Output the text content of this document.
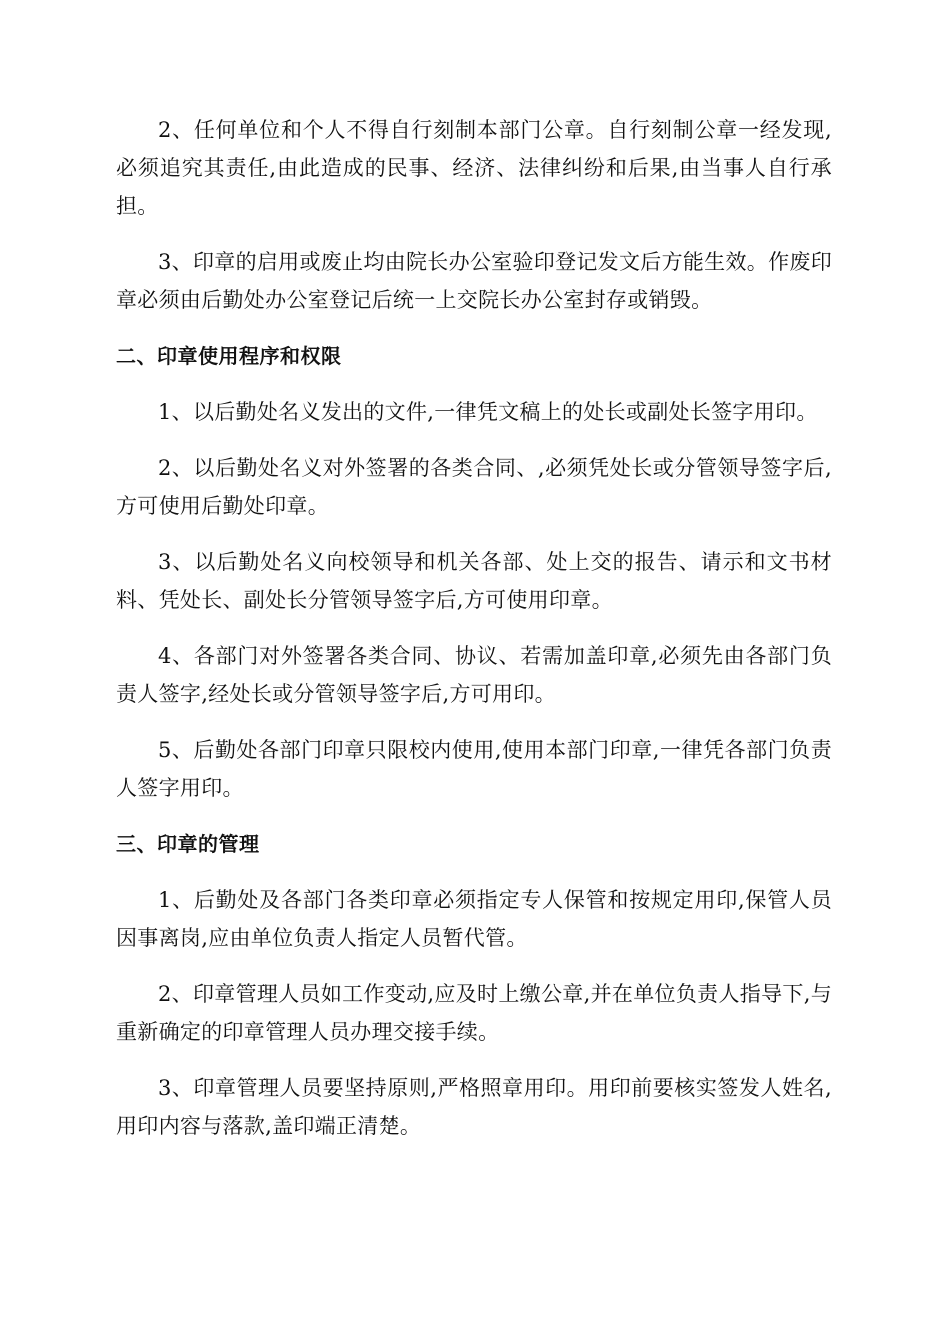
2、任何单位和个人不得自行刻制本部门公章。自行刻制公章一经发现,必须追究其责任,由此造成的民事、经济、法律纠纷和后果,由当事人自行承担。

3、印章的启用或废止均由院长办公室验印登记发文后方能生效。作废印章必须由后勤处办公室登记后统一上交院长办公室封存或销毁。

二、印章使用程序和权限

1、以后勤处名义发出的文件,一律凭文稿上的处长或副处长签字用印。

2、以后勤处名义对外签署的各类合同、,必须凭处长或分管领导签字后,方可使用后勤处印章。

3、以后勤处名义向校领导和机关各部、处上交的报告、请示和文书材料、凭处长、副处长分管领导签字后,方可使用印章。

4、各部门对外签署各类合同、协议、若需加盖印章,必须先由各部门负责人签字,经处长或分管领导签字后,方可用印。

5、后勤处各部门印章只限校内使用,使用本部门印章,一律凭各部门负责人签字用印。

三、印章的管理

1、后勤处及各部门各类印章必须指定专人保管和按规定用印,保管人员因事离岗,应由单位负责人指定人员暂代管。

2、印章管理人员如工作变动,应及时上缴公章,并在单位负责人指导下,与重新确定的印章管理人员办理交接手续。

3、印章管理人员要坚持原则,严格照章用印。用印前要核实签发人姓名,用印内容与落款,盖印端正清楚。
